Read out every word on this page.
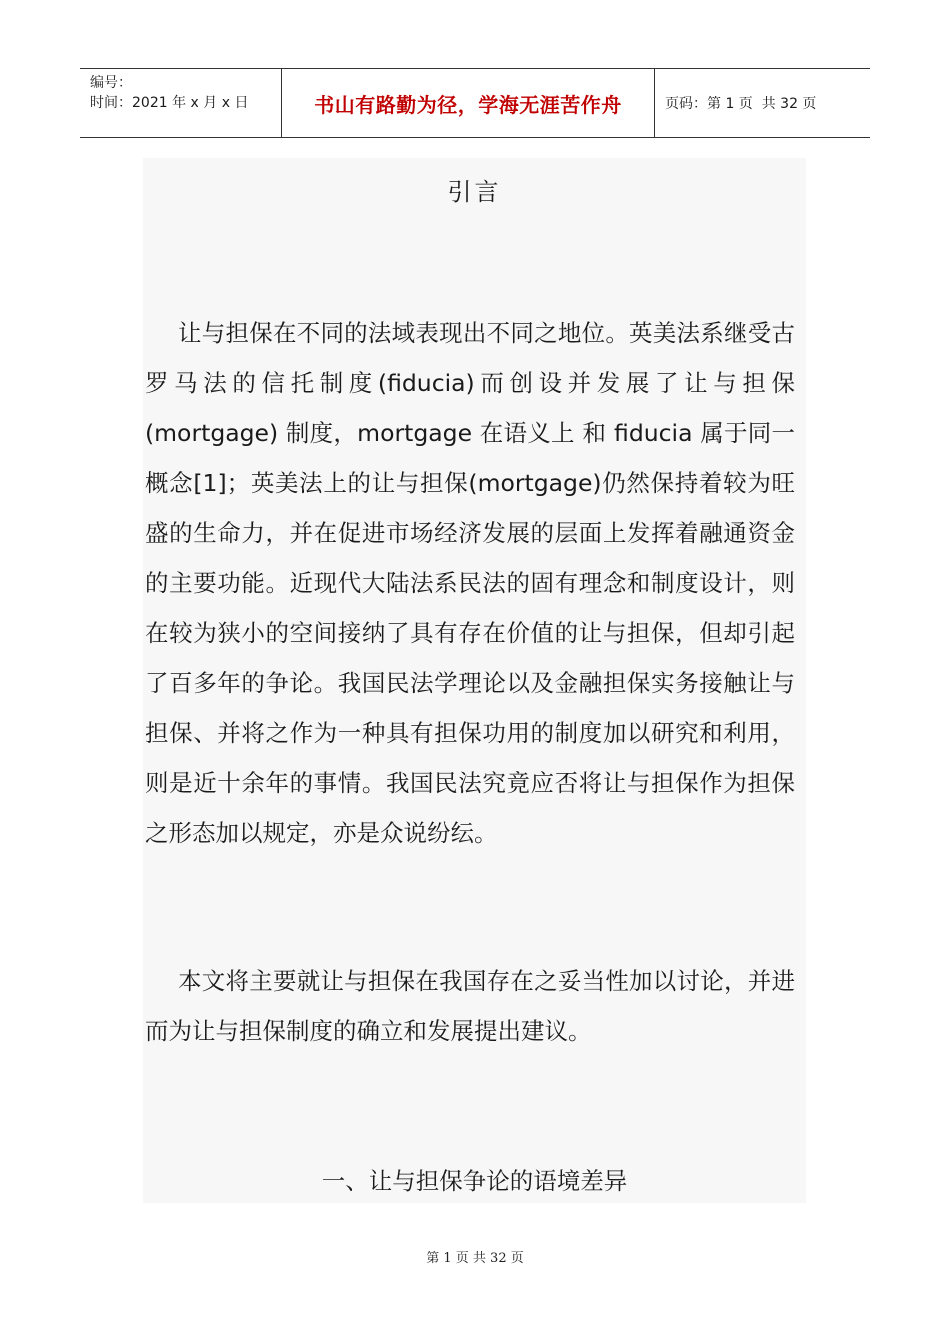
编号：
时间：2021 年 x 月 x 日	书山有路勤为径，学海无涯苦作舟	页码：第 1 页  共 32 页
引言

让与担保在不同的法域表现出不同之地位。英美法系继受古罗马法的信托制度(fiducia)而创设并发展了让与担保(mortgage) 制度，mortgage 在语义上 和 fiducia 属于同一概念[1]；英美法上的让与担保(mortgage)仍然保持着较为旺盛的生命力，并在促进市场经济发展的层面上发挥着融通资金的主要功能。近现代大陆法系民法的固有理念和制度设计，则在较为狭小的空间接纳了具有存在价值的让与担保，但却引起了百多年的争论。我国民法学理论以及金融担保实务接触让与担保、并将之作为一种具有担保功用的制度加以研究和利用，则是近十余年的事情。我国民法究竟应否将让与担保作为担保之形态加以规定，亦是众说纷纭。

本文将主要就让与担保在我国存在之妥当性加以讨论，并进而为让与担保制度的确立和发展提出建议。

一、让与担保争论的语境差异
第 1 页 共 32 页
